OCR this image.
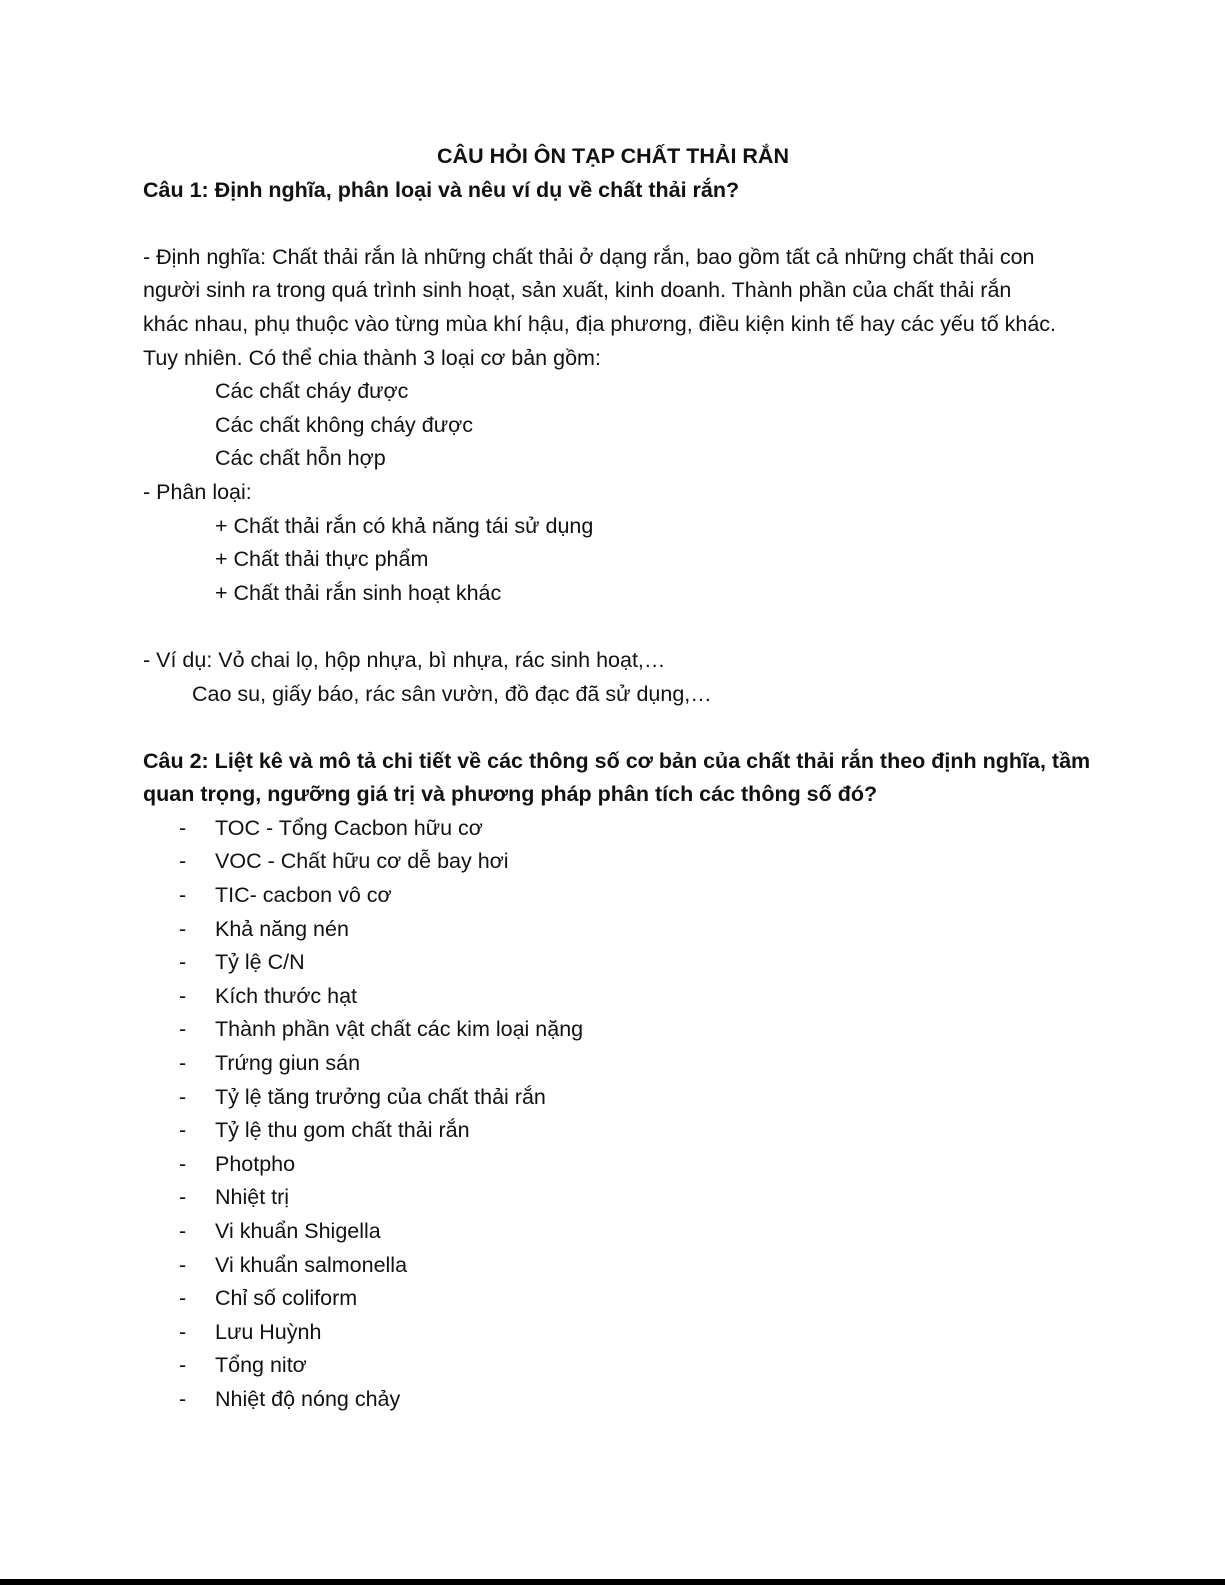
CÂU HỎI ÔN TẠP CHẤT THẢI RẮN
Câu 1: Định nghĩa, phân loại và nêu ví dụ về chất thải rắn?
- Định nghĩa: Chất thải rắn là những chất thải ở dạng rắn, bao gồm tất cả những chất thải con
người sinh ra trong quá trình sinh hoạt, sản xuất, kinh doanh. Thành phần của chất thải rắn
khác nhau, phụ thuộc vào từng mùa khí hậu, địa phương, điều kiện kinh tế hay các yếu tố khác.
Tuy nhiên. Có thể chia thành 3 loại cơ bản gồm:
Các chất cháy được
Các chất không cháy được
Các chất hỗn hợp
- Phân loại:
+ Chất thải rắn có khả năng tái sử dụng
+ Chất thải thực phẩm
+ Chất thải rắn sinh hoạt khác
- Ví dụ: Vỏ chai lọ, hộp nhựa, bì nhựa, rác sinh hoạt,…
Cao su, giấy báo, rác sân vườn, đồ đạc đã sử dụng,…
Câu 2: Liệt kê và mô tả chi tiết về các thông số cơ bản của chất thải rắn theo định nghĩa, tầm
quan trọng, ngưỡng giá trị và phương pháp phân tích các thông số đó?
-	TOC - Tổng Cacbon hữu cơ
-	VOC - Chất hữu cơ dễ bay hơi
-	TIC- cacbon vô cơ
-	Khả năng nén
-	Tỷ lệ C/N
-	Kích thước hạt
-	Thành phần vật chất các kim loại nặng
-	Trứng giun sán
-	Tỷ lệ tăng trưởng của chất thải rắn
-	Tỷ lệ thu gom chất thải rắn
-	Photpho
-	Nhiệt trị
-	Vi khuẩn Shigella
-	Vi khuẩn salmonella
-	Chỉ số coliform
-	Lưu Huỳnh
-	Tổng nitơ
-	Nhiệt độ nóng chảy
